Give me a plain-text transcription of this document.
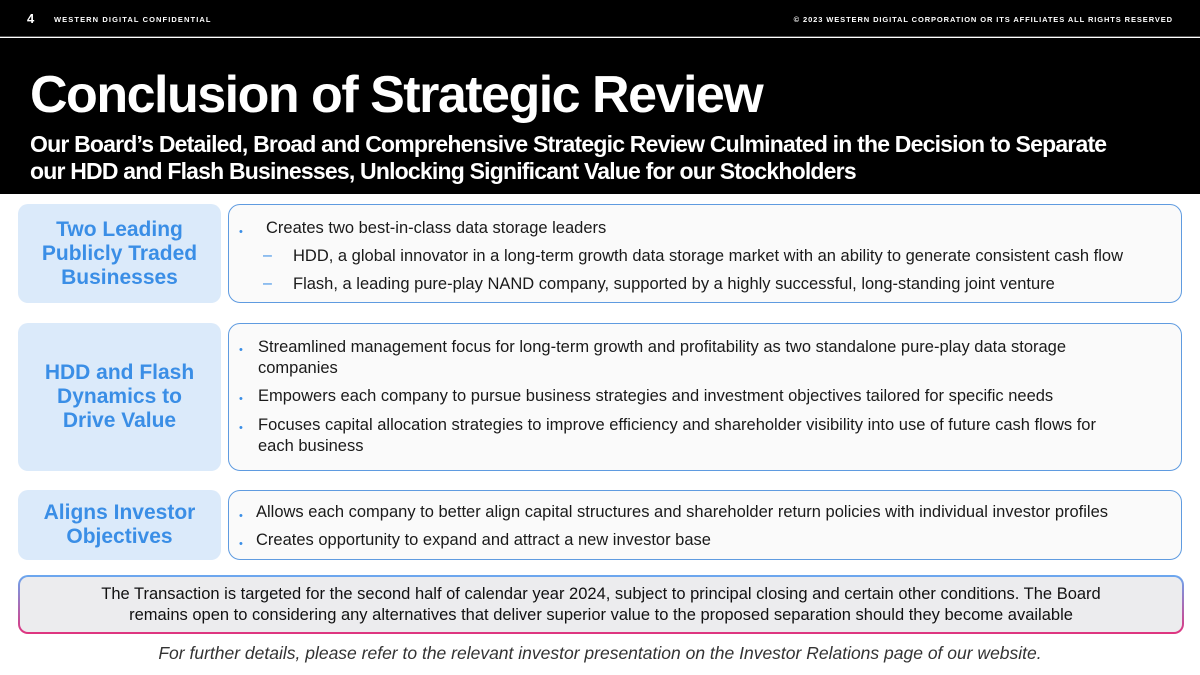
4	WESTERN DIGITAL CONFIDENTIAL	© 2023 WESTERN DIGITAL CORPORATION OR ITS AFFILIATES ALL RIGHTS RESERVED
Conclusion of Strategic Review
Our Board’s Detailed, Broad and Comprehensive Strategic Review Culminated in the Decision to Separate
our HDD and Flash Businesses, Unlocking Significant Value for our Stockholders
Two Leading
Publicly Traded
Businesses
• Creates two best-in-class data storage leaders
– HDD, a global innovator in a long-term growth data storage market with an ability to generate consistent cash flow
– Flash, a leading pure-play NAND company, supported by a highly successful, long-standing joint venture
HDD and Flash
Dynamics to
Drive Value
• Streamlined management focus for long-term growth and profitability as two standalone pure-play data storage
companies
• Empowers each company to pursue business strategies and investment objectives tailored for specific needs
• Focuses capital allocation strategies to improve efficiency and shareholder visibility into use of future cash flows for
each business
Aligns Investor
Objectives
• Allows each company to better align capital structures and shareholder return policies with individual investor profiles
• Creates opportunity to expand and attract a new investor base
The Transaction is targeted for the second half of calendar year 2024, subject to principal closing and certain other conditions. The Board
remains open to considering any alternatives that deliver superior value to the proposed separation should they become available
For further details, please refer to the relevant investor presentation on the Investor Relations page of our website.
